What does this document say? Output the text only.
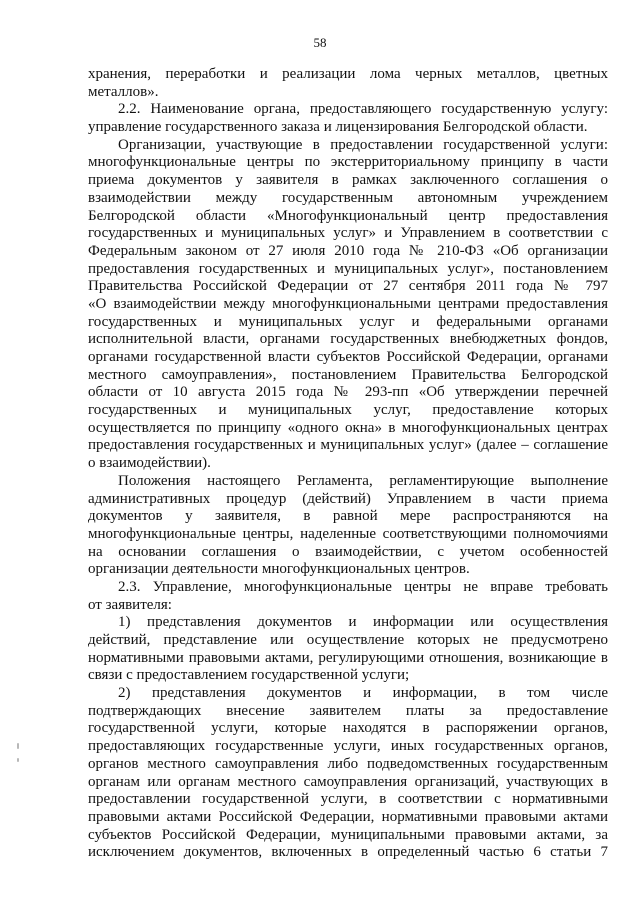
58
хранения, переработки и реализации лома черных металлов, цветных
металлов».
2.2. Наименование органа, предоставляющего государственную услугу:
управление государственного заказа и лицензирования Белгородской области.
Организации, участвующие в предоставлении государственной услуги:
многофункциональные центры по экстерриториальному принципу в части
приема документов у заявителя в рамках заключенного соглашения о
взаимодействии между государственным автономным учреждением
Белгородской области «Многофункциональный центр предоставления
государственных и муниципальных услуг» и Управлением в соответствии с
Федеральным законом от 27 июля 2010 года № 210-ФЗ «Об организации
предоставления государственных и муниципальных услуг», постановлением
Правительства Российской Федерации от 27 сентября 2011 года № 797
«О взаимодействии между многофункциональными центрами предоставления
государственных и муниципальных услуг и федеральными органами
исполнительной власти, органами государственных внебюджетных фондов,
органами государственной власти субъектов Российской Федерации, органами
местного самоуправления», постановлением Правительства Белгородской
области от 10 августа 2015 года № 293-пп «Об утверждении перечней
государственных и муниципальных услуг, предоставление которых
осуществляется по принципу «одного окна» в многофункциональных центрах
предоставления государственных и муниципальных услуг» (далее – соглашение
о взаимодействии).
Положения настоящего Регламента, регламентирующие выполнение
административных процедур (действий) Управлением в части приема
документов у заявителя, в равной мере распространяются на
многофункциональные центры, наделенные соответствующими полномочиями
на основании соглашения о взаимодействии, с учетом особенностей
организации деятельности многофункциональных центров.
2.3. Управление, многофункциональные центры не вправе требовать
от заявителя:
1) представления документов и информации или осуществления
действий, представление или осуществление которых не предусмотрено
нормативными правовыми актами, регулирующими отношения, возникающие в
связи с предоставлением государственной услуги;
2) представления документов и информации, в том числе
подтверждающих внесение заявителем платы за предоставление
государственной услуги, которые находятся в распоряжении органов,
предоставляющих государственные услуги, иных государственных органов,
органов местного самоуправления либо подведомственных государственным
органам или органам местного самоуправления организаций, участвующих в
предоставлении государственной услуги, в соответствии с нормативными
правовыми актами Российской Федерации, нормативными правовыми актами
субъектов Российской Федерации, муниципальными правовыми актами, за
исключением документов, включенных в определенный частью 6 статьи 7
